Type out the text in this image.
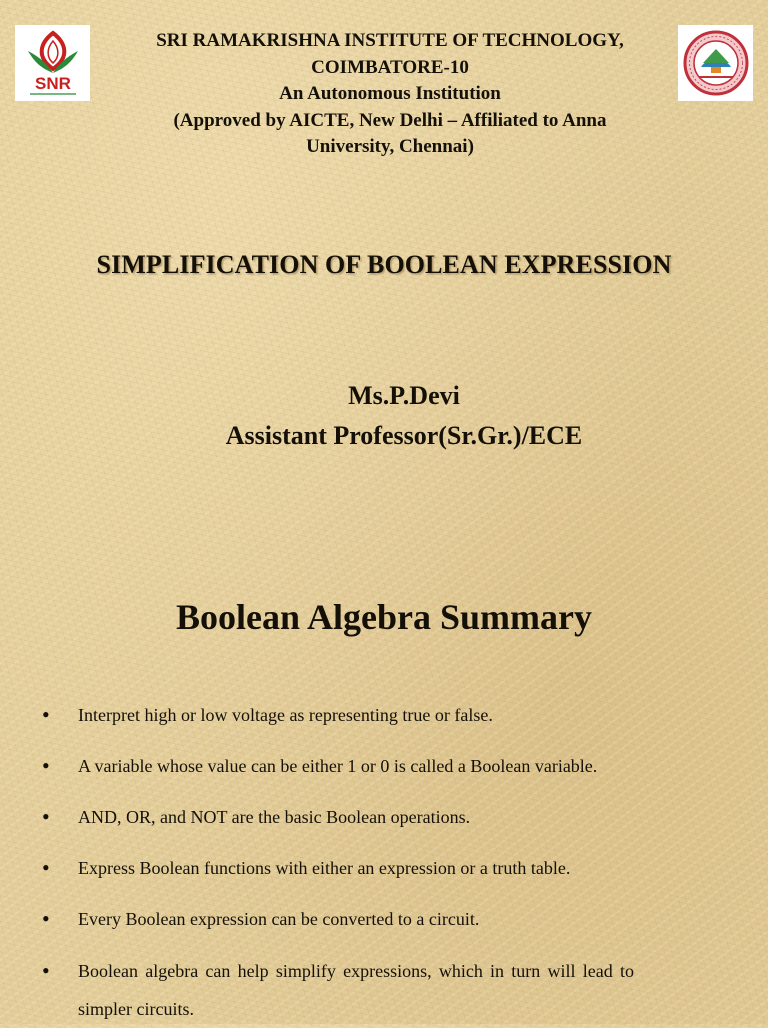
SNR
SRI RAMAKRISHNA INSTITUTE OF TECHNOLOGY,
COIMBATORE-10
An Autonomous Institution
(Approved by AICTE, New Delhi – Affiliated to Anna
University, Chennai)
SIMPLIFICATION OF BOOLEAN EXPRESSION
Ms.P.Devi
Assistant Professor(Sr.Gr.)/ECE
Boolean Algebra Summary
• Interpret high or low voltage as representing true or false.
• A variable whose value can be either 1 or 0 is called a Boolean variable.
• AND, OR, and NOT are the basic Boolean operations.
• Express Boolean functions with either an expression or a truth table.
• Every Boolean expression can be converted to a circuit.
• Boolean algebra can help simplify expressions, which in turn will lead to simpler circuits.
